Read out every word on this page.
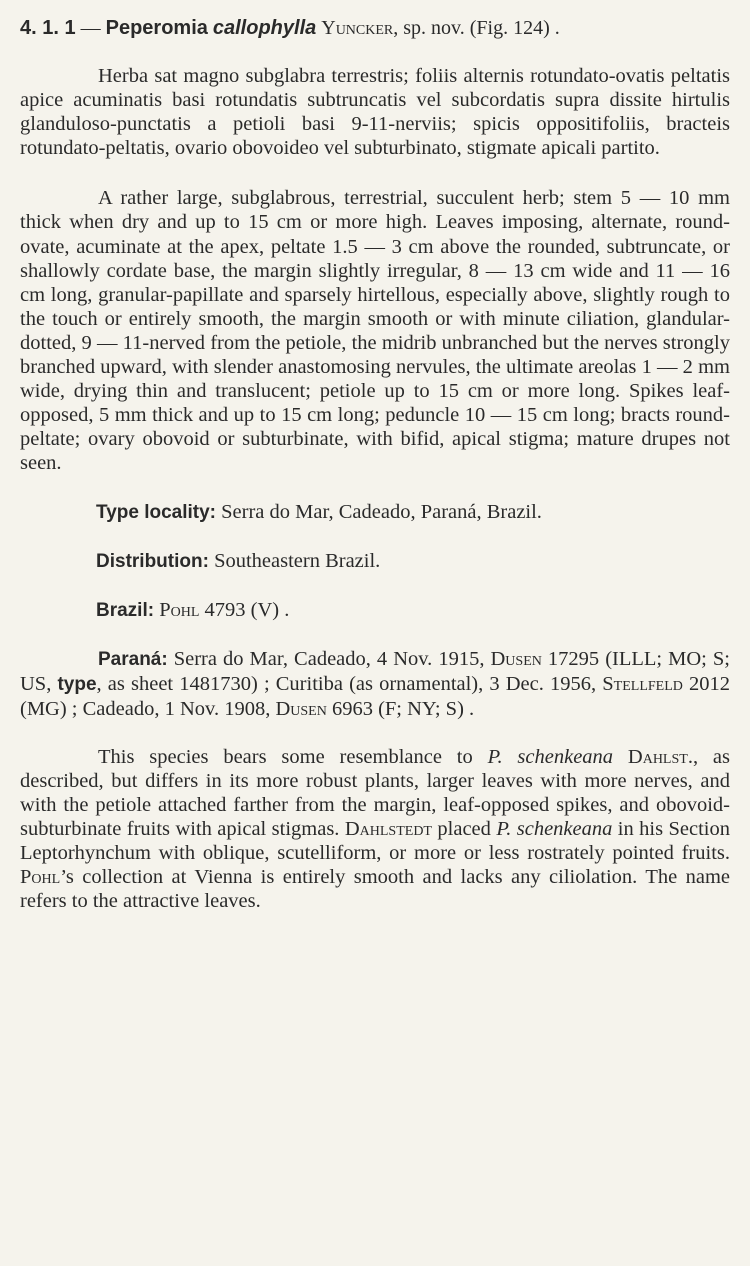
4. 1. 1 — Peperomia callophylla Yuncker, sp. nov. (Fig. 124) .

Herba sat magno subglabra terrestris; foliis alternis rotundato-ovatis peltatis apice acuminatis basi rotundatis subtruncatis vel subcordatis supra dissite hirtulis glanduloso-punctatis a petioli basi 9-11-nerviis; spicis oppositifoliis, bracteis rotundato-peltatis, ovario obovoideo vel subturbinato, stigmate apicali partito.

A rather large, subglabrous, terrestrial, succulent herb; stem 5 — 10 mm thick when dry and up to 15 cm or more high. Leaves imposing, alternate, round-ovate, acuminate at the apex, peltate 1.5 — 3 cm above the rounded, subtruncate, or shallowly cordate base, the margin slightly irregular, 8 — 13 cm wide and 11 — 16 cm long, granular-papillate and sparsely hirtellous, especially above, slightly rough to the touch or entirely smooth, the margin smooth or with minute ciliation, glandular-dotted, 9 — 11-nerved from the petiole, the midrib unbranched but the nerves strongly branched upward, with slender anastomosing nervules, the ultimate areolas 1 — 2 mm wide, drying thin and translucent; petiole up to 15 cm or more long. Spikes leaf-opposed, 5 mm thick and up to 15 cm long; peduncle 10 — 15 cm long; bracts round-peltate; ovary obovoid or subturbinate, with bifid, apical stigma; mature drupes not seen.

Type locality: Serra do Mar, Cadeado, Paraná, Brazil.
Distribution: Southeastern Brazil.
Brazil: Pohl 4793 (V) .

Paraná: Serra do Mar, Cadeado, 4 Nov. 1915, Dusen 17295 (ILLL; MO; S; US, type, as sheet 1481730) ; Curitiba (as ornamental), 3 Dec. 1956, Stellfeld 2012 (MG) ; Cadeado, 1 Nov. 1908, Dusen 6963 (F; NY; S) .

This species bears some resemblance to P. schenkeana Dahlst., as described, but differs in its more robust plants, larger leaves with more nerves, and with the petiole attached farther from the margin, leaf-opposed spikes, and obovoid-subturbinate fruits with apical stigmas. Dahlstedt placed P. schenkeana in his Section Leptorhynchum with oblique, scutelliform, or more or less rostrately pointed fruits. Pohl’s collection at Vienna is entirely smooth and lacks any ciliolation. The name refers to the attractive leaves.
